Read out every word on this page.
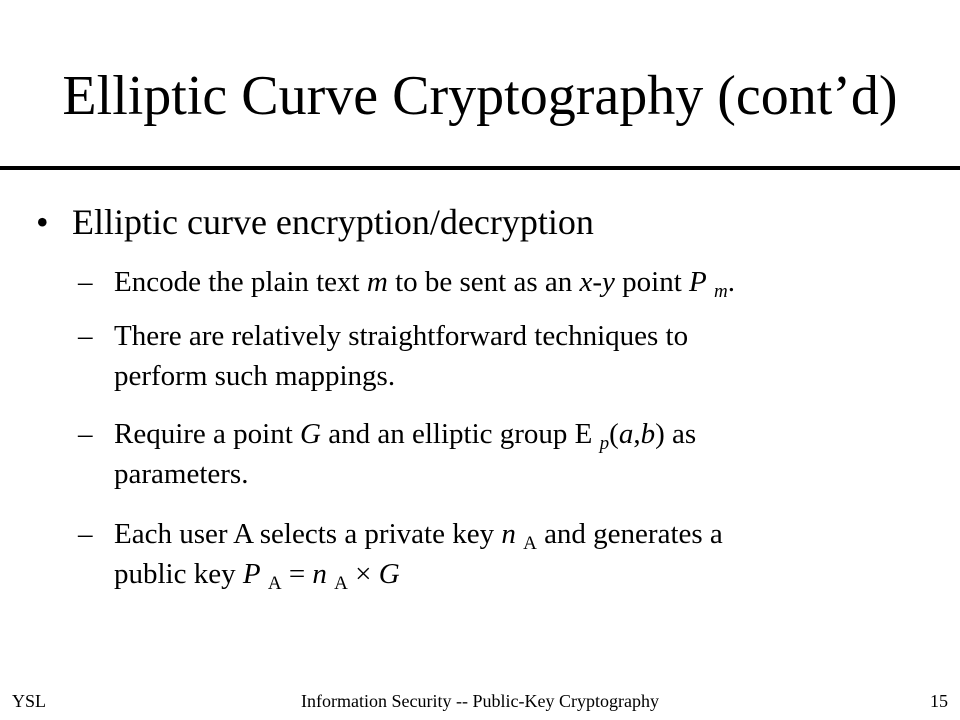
Elliptic Curve Cryptography (cont’d)
• Elliptic curve encryption/decryption
– Encode the plain text m to be sent as an x-y point P $_m$.
– There are relatively straightforward techniques to
perform such mappings.
– Require a point G and an elliptic group E $_p$(a,b) as
parameters.
– Each user A selects a private key n $_A$ and generates a
public key P $_A$ = n $_A$ × G
YSL	Information Security -- Public-Key Cryptography	15
